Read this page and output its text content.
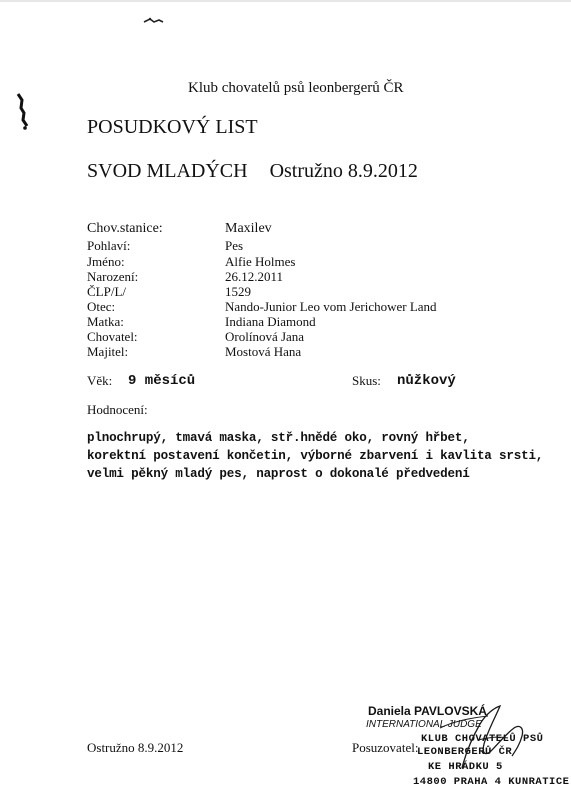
Klub chovatelů psů leonbergerů ČR
POSUDKOVÝ LIST
SVOD MLADÝCH Ostružno 8.9.2012
Chov.stanice:	Maxilev
Pohlaví:	Pes
Jméno:	Alfie Holmes
Narození:	26.12.2011
ČLP/L/	1529
Otec:	Nando-Junior Leo vom Jerichower Land
Matka:	Indiana Diamond
Chovatel:	Orolínová Jana
Majitel:	Mostová Hana
Věk: 9 měsíců	Skus: nůžkový
Hodnocení:
plnochrupý, tmavá maska, stř.hnědé oko, rovný hřbet,
korektní postavení končetin, výborné zbarvení i kavlita srsti,
velmi pěkný mladý pes, naprost o dokonalé předvedení
Ostružno 8.9.2012	Posuzovatel:
Daniela PAVLOVSKÁ
INTERNATIONAL JUDGE
KLUB CHOVATELŮ PSŮ
LEONBERGERŮ ČR
KE HRÁDKU 5
14800 PRAHA 4 KUNRATICE
